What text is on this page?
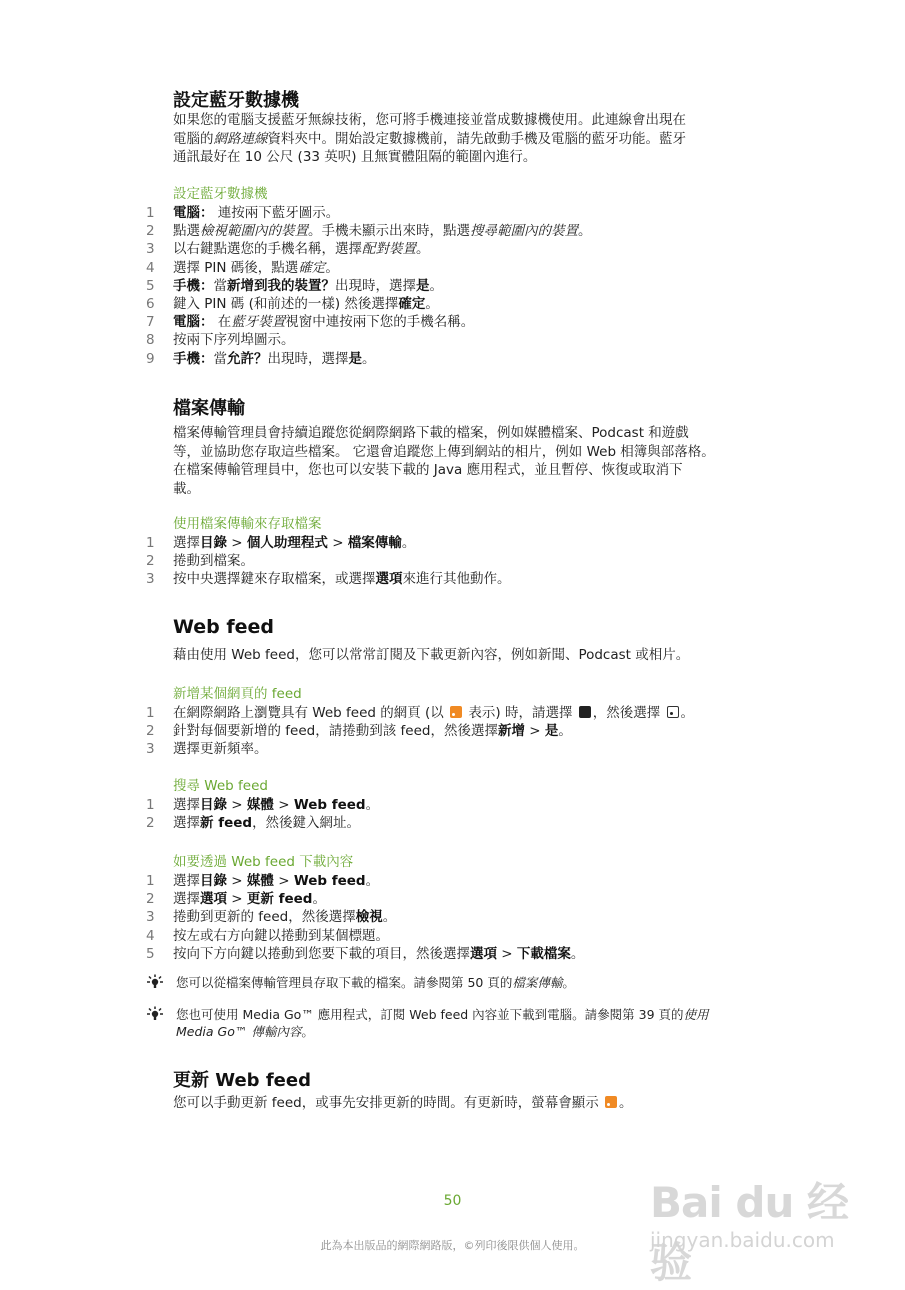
設定藍牙數據機
如果您的電腦支援藍牙無線技術，您可將手機連接並當成數據機使用。此連線會出現在
電腦的網路連線資料夾中。開始設定數據機前，請先啟動手機及電腦的藍牙功能。藍牙
通訊最好在 10 公尺 (33 英呎) 且無實體阻隔的範圍內進行。
設定藍牙數據機
1	電腦： 連按兩下藍牙圖示。
2	點選檢視範圍內的裝置。手機未顯示出來時，點選搜尋範圍內的裝置。
3	以右鍵點選您的手機名稱，選擇配對裝置。
4	選擇 PIN 碼後，點選確定。
5	手機：當新增到我的裝置？出現時，選擇是。
6	鍵入 PIN 碼 (和前述的一樣) 然後選擇確定。
7	電腦： 在藍牙裝置視窗中連按兩下您的手機名稱。
8	按兩下序列埠圖示。
9	手機：當允許？出現時，選擇是。
檔案傳輸
檔案傳輸管理員會持續追蹤您從網際網路下載的檔案，例如媒體檔案、Podcast 和遊戲
等，並協助您存取這些檔案。 它還會追蹤您上傳到網站的相片，例如 Web 相簿與部落格。
在檔案傳輸管理員中，您也可以安裝下載的 Java 應用程式，並且暫停、恢復或取消下
載。
使用檔案傳輸來存取檔案
1	選擇目錄 > 個人助理程式 > 檔案傳輸。
2	捲動到檔案。
3	按中央選擇鍵來存取檔案，或選擇選項來進行其他動作。
Web feed
藉由使用 Web feed，您可以常常訂閱及下載更新內容，例如新聞、Podcast 或相片。
新增某個網頁的 feed
1	在網際網路上瀏覽具有 Web feed 的網頁 (以  表示) 時，請選擇 ，然後選擇 。
2	針對每個要新增的 feed，請捲動到該 feed，然後選擇新增 > 是。
3	選擇更新頻率。
搜尋 Web feed
1	選擇目錄 > 媒體 > Web feed。
2	選擇新 feed，然後鍵入網址。
如要透過 Web feed 下載內容
1	選擇目錄 > 媒體 > Web feed。
2	選擇選項 > 更新 feed。
3	捲動到更新的 feed，然後選擇檢視。
4	按左或右方向鍵以捲動到某個標題。
5	按向下方向鍵以捲動到您要下載的項目，然後選擇選項 > 下載檔案。
您可以從檔案傳輸管理員存取下載的檔案。請參閱第 50 頁的檔案傳輸。
您也可使用 Media Go™ 應用程式，訂閱 Web feed 內容並下載到電腦。請參閱第 39 頁的使用
Media Go™ 傳輸內容。
更新 Web feed
您可以手動更新 feed，或事先安排更新的時間。有更新時，螢幕會顯示 。
50	Bai du 经验
jingyan.baidu.com
此為本出版品的網際網路版，©列印後限供個人使用。
